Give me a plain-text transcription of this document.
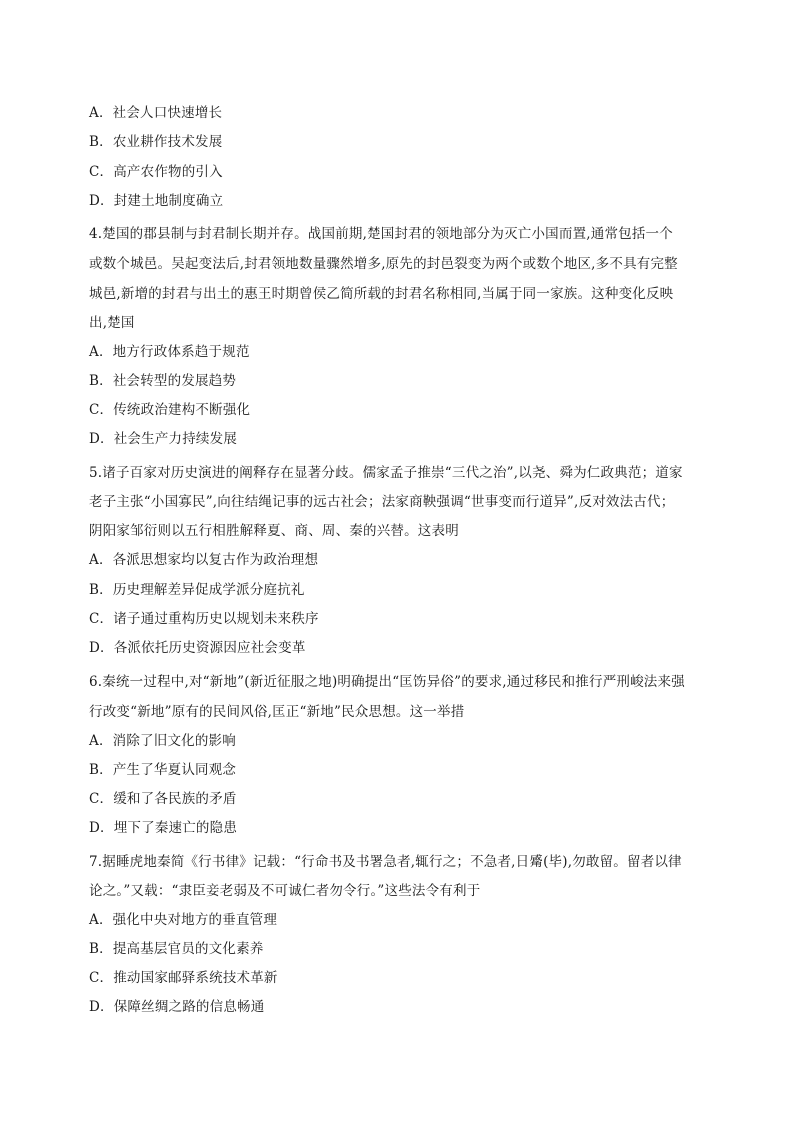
A．社会人口快速增长
B．农业耕作技术发展
C．高产农作物的引入
D．封建土地制度确立
4.楚国的郡县制与封君制长期并存。战国前期,楚国封君的领地部分为灭亡小国而置,通常包括一个
或数个城邑。吴起变法后,封君领地数量骤然增多,原先的封邑裂变为两个或数个地区,多不具有完整
城邑,新增的封君与出土的惠王时期曾侯乙简所载的封君名称相同,当属于同一家族。这种变化反映
出,楚国
A．地方行政体系趋于规范
B．社会转型的发展趋势
C．传统政治建构不断强化
D．社会生产力持续发展
5.诸子百家对历史演进的阐释存在显著分歧。儒家孟子推崇“三代之治”,以尧、舜为仁政典范；道家
老子主张“小国寡民”,向往结绳记事的远古社会；法家商鞅强调“世事变而行道异”,反对效法古代；
阴阳家邹衍则以五行相胜解释夏、商、周、秦的兴替。这表明
A．各派思想家均以复古作为政治理想
B．历史理解差异促成学派分庭抗礼
C．诸子通过重构历史以规划未来秩序
D．各派依托历史资源因应社会变革
6.秦统一过程中,对“新地”(新近征服之地)明确提出“匡饬异俗”的要求,通过移民和推行严刑峻法来强
行改变“新地”原有的民间风俗,匡正“新地”民众思想。这一举措
A．消除了旧文化的影响
B．产生了华夏认同观念
C．缓和了各民族的矛盾
D．埋下了秦速亡的隐患
7.据睡虎地秦简《行书律》记载：“行命书及书署急者,辄行之；不急者,日觱(毕),勿敢留。留者以律
论之。”又载：“隶臣妾老弱及不可诚仁者勿令行。”这些法令有利于
A．强化中央对地方的垂直管理
B．提高基层官员的文化素养
C．推动国家邮驿系统技术革新
D．保障丝绸之路的信息畅通
